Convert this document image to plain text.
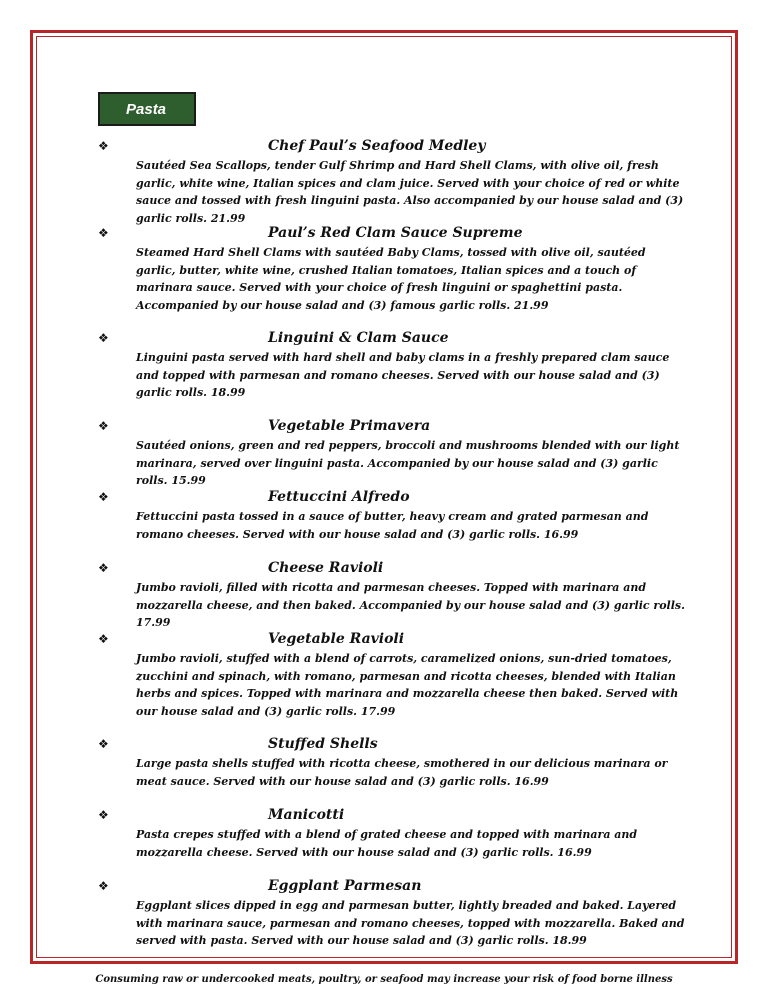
Pasta
❖	Chef Paul’s Seafood Medley
Sautéed Sea Scallops, tender Gulf Shrimp and Hard Shell Clams, with olive oil, fresh garlic, white wine, Italian spices and clam juice. Served with your choice of red or white sauce and tossed with fresh linguini pasta. Also accompanied by our house salad and (3) garlic rolls. 21.99
❖	Paul’s Red Clam Sauce Supreme
Steamed Hard Shell Clams with sautéed Baby Clams, tossed with olive oil, sautéed garlic, butter, white wine, crushed Italian tomatoes, Italian spices and a touch of marinara sauce. Served with your choice of fresh linguini or spaghettini pasta. Accompanied by our house salad and (3) famous garlic rolls. 21.99
❖	Linguini & Clam Sauce
Linguini pasta served with hard shell and baby clams in a freshly prepared clam sauce and topped with parmesan and romano cheeses. Served with our house salad and (3) garlic rolls. 18.99
❖	Vegetable Primavera
Sautéed onions, green and red peppers, broccoli and mushrooms blended with our light marinara, served over linguini pasta. Accompanied by our house salad and (3) garlic rolls. 15.99
❖	Fettuccini Alfredo
Fettuccini pasta tossed in a sauce of butter, heavy cream and grated parmesan and romano cheeses. Served with our house salad and (3) garlic rolls. 16.99
❖	Cheese Ravioli
Jumbo ravioli, filled with ricotta and parmesan cheeses. Topped with marinara and mozzarella cheese, and then baked. Accompanied by our house salad and (3) garlic rolls. 17.99
❖	Vegetable Ravioli
Jumbo ravioli, stuffed with a blend of carrots, caramelized onions, sun-dried tomatoes, zucchini and spinach, with romano, parmesan and ricotta cheeses, blended with Italian herbs and spices. Topped with marinara and mozzarella cheese then baked. Served with our house salad and (3) garlic rolls. 17.99
❖	Stuffed Shells
Large pasta shells stuffed with ricotta cheese, smothered in our delicious marinara or meat sauce. Served with our house salad and (3) garlic rolls. 16.99
❖	Manicotti
Pasta crepes stuffed with a blend of grated cheese and topped with marinara and mozzarella cheese. Served with our house salad and (3) garlic rolls. 16.99
❖	Eggplant Parmesan
Eggplant slices dipped in egg and parmesan butter, lightly breaded and baked. Layered with marinara sauce, parmesan and romano cheeses, topped with mozzarella. Baked and served with pasta. Served with our house salad and (3) garlic rolls. 18.99
Consuming raw or undercooked meats, poultry, or seafood may increase your risk of food borne illness
